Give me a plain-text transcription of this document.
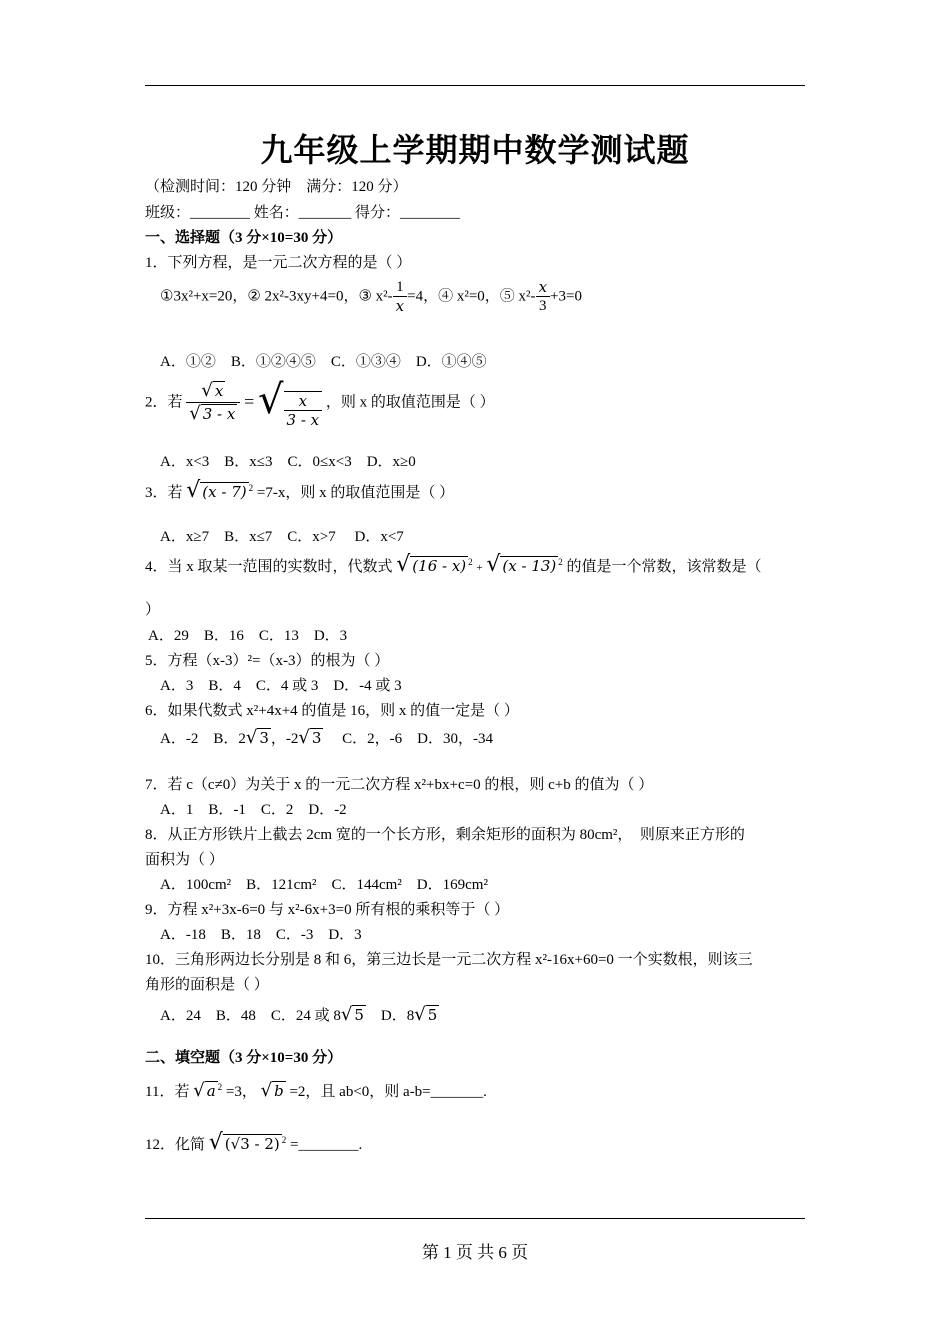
九年级上学期期中数学测试题
（检测时间：120 分钟　满分：120 分）
班级：________ 姓名：_______ 得分：________
一、选择题（3 分×10=30 分）
1．下列方程，是一元二次方程的是（ ）
①3x²+x=20，② 2x²-3xy+4=0，③ $x^2- \frac{1}{x} =4$，④ x²=0，⑤ $x^2- \frac{x}{3} +3=0$
A．①②　B．①②④⑤　C．①③④　D．①④⑤
2．若 $\frac{√ x}{√ 3 - x}$ = √ $\frac{x}{3 - x}$ ，则 x 的取值范围是（ ）
A．x<3　B．x≤3　C．0≤x<3　D．x≥0
3．若 √ (x - 7) $^2$ =7-x，则 x 的取值范围是（ ）
A．x≥7　B．x≤7　C．x>7　 D．x<7
4．当 x 取某一范围的实数时，代数式 √ (16 - x) $^2$ + √ (x - 13) $^2$ 的值是一个常数，该常数是（
）
A．29　B．16　C．13　D．3
5．方程（x-3）²=（x-3）的根为（ ）
A．3　B．4　C．4 或 3　D．-4 或 3
6．如果代数式 x²+4x+4 的值是 16，则 x 的值一定是（ ）
A．-2　B．2√ 3 ，-2√ 3　 C．2，-6　D．30，-34
7．若 c（c≠0）为关于 x 的一元二次方程 x²+bx+c=0 的根，则 c+b 的值为（ ）
A．1　B．-1　C．2　D．-2
8．从正方形铁片上截去 2cm 宽的一个长方形，剩余矩形的面积为 80cm²，　则原来正方形的
面积为（ ）
A．100cm²　B．121cm²　C．144cm²　D．169cm²
9．方程 x²+3x-6=0 与 x²-6x+3=0 所有根的乘积等于（ ）
A．-18　B．18　C．-3　D．3
10．三角形两边长分别是 8 和 6，第三边长是一元二次方程 x²-16x+60=0 一个实数根，则该三
角形的面积是（ ）
A．24　B．48　C．24 或 8√ 5　D．8√ 5
二、填空题（3 分×10=30 分）
11．若 √ a $^2$ =3， √ b =2，且 ab<0，则 a-b=_______.
12．化简 √ (√3 - 2) $^2$ =________.
第 1 页 共 6 页
